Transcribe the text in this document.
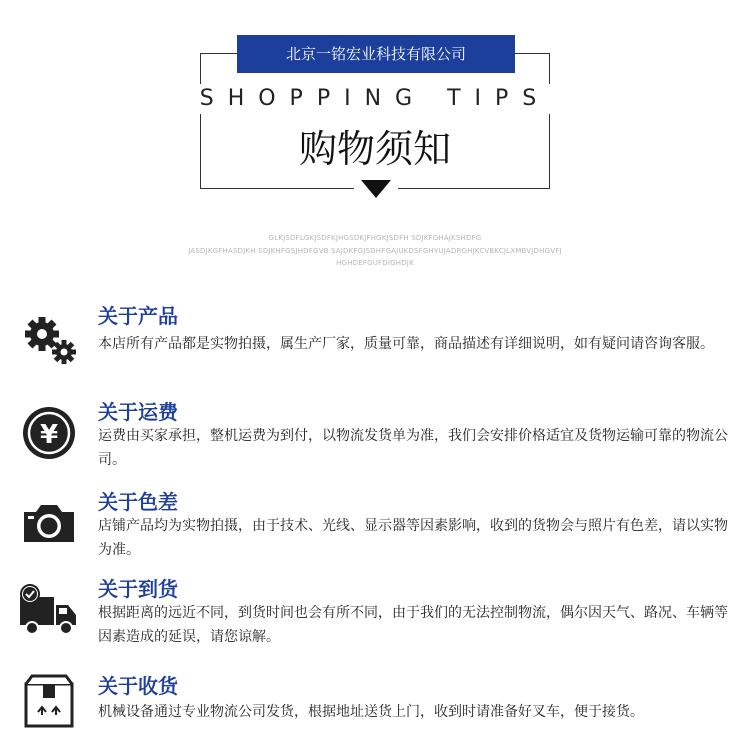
北京一铭宏业科技有限公司
SHOPPING TIPS
购物须知
GLKJSDFLGKJSDFKJHGSDKJFHGKJSDFH SDJKFGHAJKSHDFG
JASDJKGFHASDJKH SDJKHFGSJHDFGVB SAJDKFGJSDHFGAJUKDSFGHYUJADRGHJKCVBKCJLXMBVJDHGVFJ
HGHDEFGUFDIGHDJK
关于产品

本店所有产品都是实物拍摄，属生产厂家，质量可靠，商品描述有详细说明，如有疑问请咨询客服。

¥
关于运费

运费由买家承担，整机运费为到付，以物流发货单为准，我们会安排价格适宜及货物运输可靠的物流公司。

关于色差

店铺产品均为实物拍摄，由于技术、光线、显示器等因素影响，收到的货物会与照片有色差，请以实物为准。

关于到货

根据距离的远近不同，到货时间也会有所不同，由于我们的无法控制物流，偶尔因天气、路况、车辆等因素造成的延误，请您谅解。

关于收货

机械设备通过专业物流公司发货，根据地址送货上门，收到时请准备好叉车，便于接货。
